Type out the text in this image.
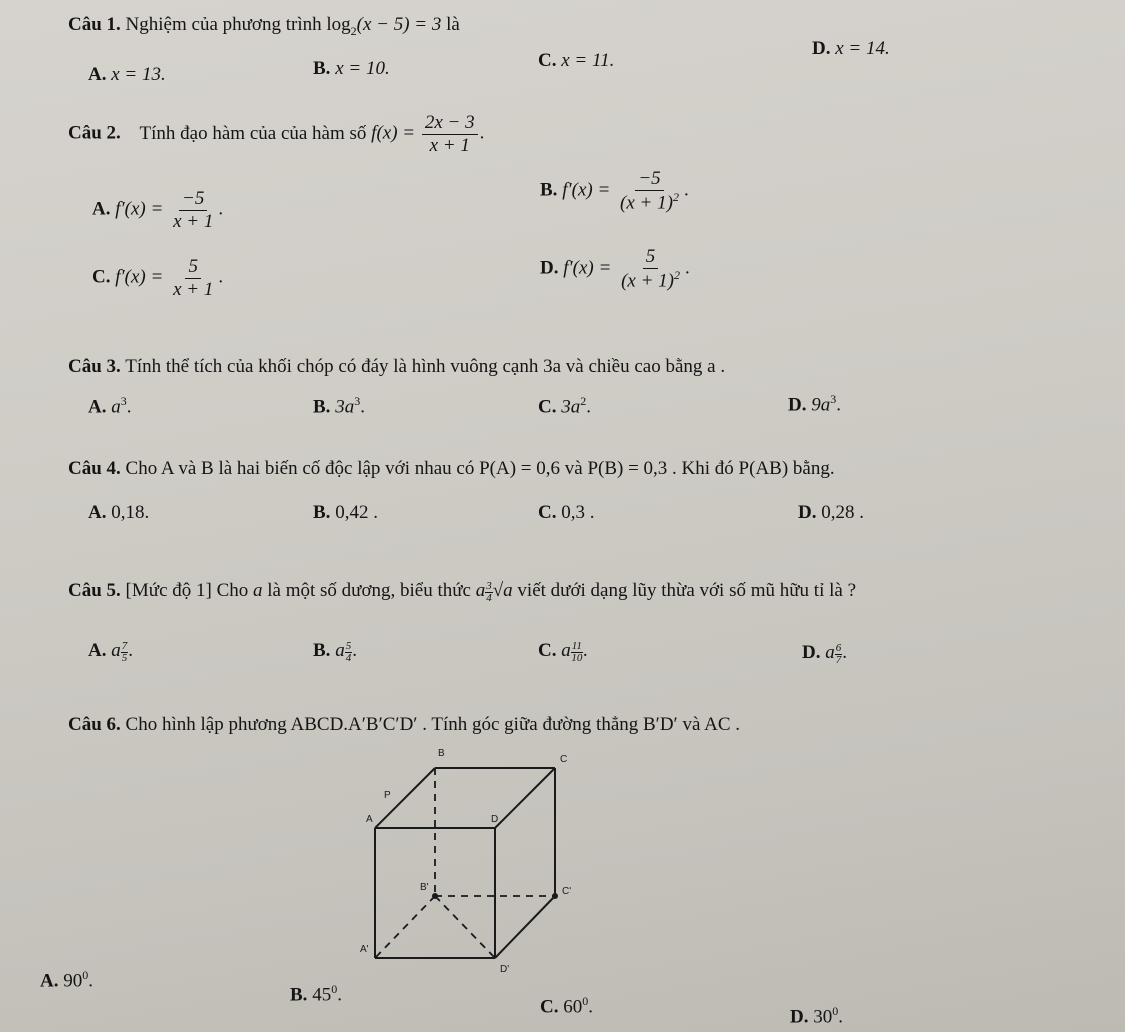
Câu 1. Nghiệm của phương trình $\log_2(x - 5) = 3$ là
A. x = 13.	B. x = 10.	C. x = 11.
D. x = 14.
Câu 2. Tính đạo hàm của của hàm số $f(x) = \frac{2x - 3}{x + 1}$ .
A. $f'(x) = \frac{-5}{x + 1}$ .
B. $f'(x) = \frac{-5}{(x + 1)^2}$ .
C. $f'(x) = \frac{5}{x + 1}$ .	D. $f'(x) = \frac{5}{(x + 1)^2}$ .
Câu 3. Tính thể tích của khối chóp có đáy là hình vuông cạnh 3a và chiều cao bằng a .
A. $a^3$.	B. $3a^3$.	C. $3a^2$.	D. $9a^3$.
Câu 4. Cho A và B là hai biến cố độc lập với nhau có P(A) = 0,6 và P(B) = 0,3 . Khi đó P(AB) bằng.
A. 0,18.	B. 0,42 .	C. 0,3 .	D. 0,28 .
Câu 5. [Mức độ 1] Cho a là một số dương, biểu thức a $\frac{3}{4} √a$ viết dưới dạng lũy thừa với số mũ hữu tỉ là ?
A. a $\frac{7}{5}$ .	B. a $\frac{5}{4}$ .	C. a $\frac{11}{10}$ .	D. a $\frac{6}{7}$ .
Câu 6. Cho hình lập phương ABCD.A′B′C′D′ . Tính góc giữa đường thẳng B′D′ và AC .
B
C
P
A	D
B'	C'
A'
D'
A. $90^0$.
B. $45^0$.
C. $60^0$.	D. $30^0$.
